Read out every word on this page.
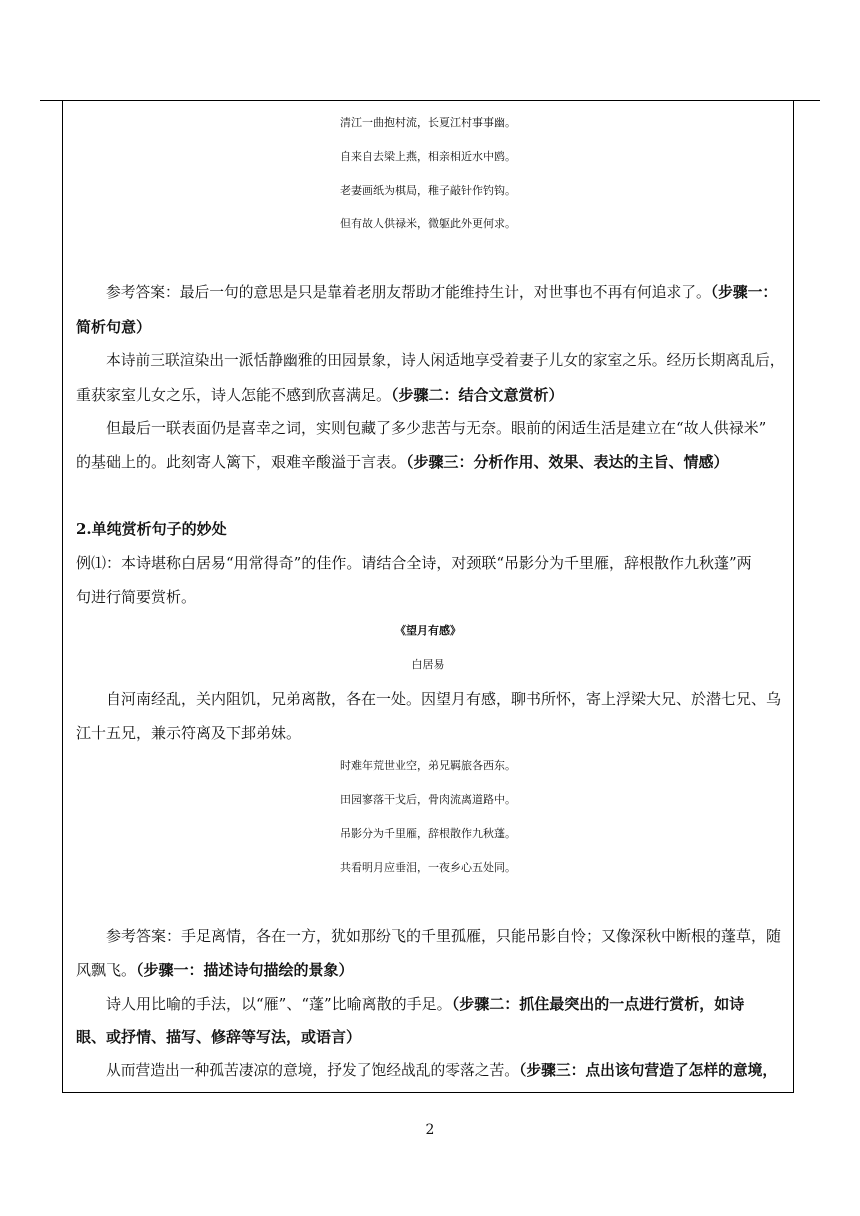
清江一曲抱村流，长夏江村事事幽。
自来自去梁上燕，相亲相近水中鸥。
老妻画纸为棋局，稚子敲针作钓钩。
但有故人供禄米，微躯此外更何求。
参考答案：最后一句的意思是只是靠着老朋友帮助才能维持生计，对世事也不再有何追求了。（步骤一：
简析句意）
本诗前三联渲染出一派恬静幽雅的田园景象，诗人闲适地享受着妻子儿女的家室之乐。经历长期离乱后，
重获家室儿女之乐，诗人怎能不感到欣喜满足。（步骤二：结合文意赏析）
但最后一联表面仍是喜幸之词，实则包藏了多少悲苦与无奈。眼前的闲适生活是建立在“故人供禄米”
的基础上的。此刻寄人篱下，艰难辛酸溢于言表。（步骤三：分析作用、效果、表达的主旨、情感）
2.单纯赏析句子的妙处
例⑴：本诗堪称白居易“用常得奇”的佳作。请结合全诗，对颈联“吊影分为千里雁，辞根散作九秋蓬”两
句进行简要赏析。
《望月有感》
白居易
自河南经乱，关内阻饥，兄弟离散，各在一处。因望月有感，聊书所怀，寄上浮梁大兄、於潜七兄、乌
江十五兄，兼示符离及下邽弟妹。
时难年荒世业空，弟兄羁旅各西东。
田园寥落干戈后，骨肉流离道路中。
吊影分为千里雁，辞根散作九秋蓬。
共看明月应垂泪，一夜乡心五处同。
参考答案：手足离情，各在一方，犹如那纷飞的千里孤雁，只能吊影自怜；又像深秋中断根的蓬草，随
风飘飞。（步骤一：描述诗句描绘的景象）
诗人用比喻的手法，以“雁”、“蓬”比喻离散的手足。（步骤二：抓住最突出的一点进行赏析，如诗
眼、或抒情、描写、修辞等写法，或语言）
从而营造出一种孤苦凄凉的意境，抒发了饱经战乱的零落之苦。（步骤三：点出该句营造了怎样的意境，
2
